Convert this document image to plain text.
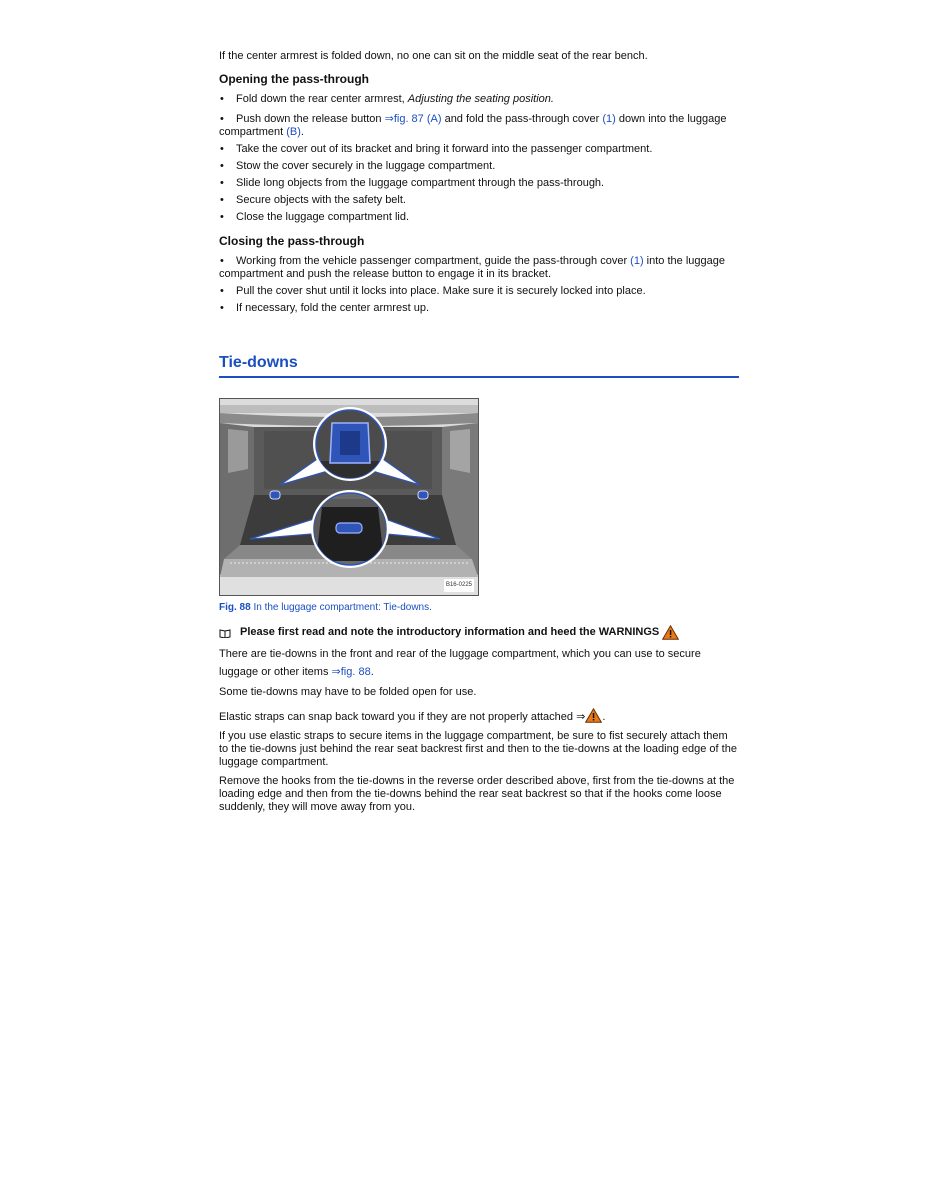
If the center armrest is folded down, no one can sit on the middle seat of the rear bench.

Opening the pass-through
• Fold down the rear center armrest, Adjusting the seating position.
• Push down the release button ⇒fig. 87 (A) and fold the pass-through cover (1) down into the luggage compartment (B).
• Take the cover out of its bracket and bring it forward into the passenger compartment.
• Stow the cover securely in the luggage compartment.
• Slide long objects from the luggage compartment through the pass-through.
• Secure objects with the safety belt.
• Close the luggage compartment lid.
Closing the pass-through
• Working from the vehicle passenger compartment, guide the pass-through cover (1) into the luggage compartment and push the release button to engage it in its bracket.
• Pull the cover shut until it locks into place. Make sure it is securely locked into place.
• If necessary, fold the center armrest up.
Tie-downs
B16-0225

Fig. 88 In the luggage compartment: Tie-downs.

Please first read and note the introductory information and heed the WARNINGS

There are tie-downs in the front and rear of the luggage compartment, which you can use to secure luggage or other items ⇒fig. 88.

Some tie-downs may have to be folded open for use.

Elastic straps can snap back toward you if they are not properly attached ⇒ .

If you use elastic straps to secure items in the luggage compartment, be sure to fist securely attach them to the tie-downs just behind the rear seat backrest first and then to the tie-downs at the loading edge of the luggage compartment.

Remove the hooks from the tie-downs in the reverse order described above, first from the tie-downs at the loading edge and then from the tie-downs behind the rear seat backrest so that if the hooks come loose suddenly, they will move away from you.
